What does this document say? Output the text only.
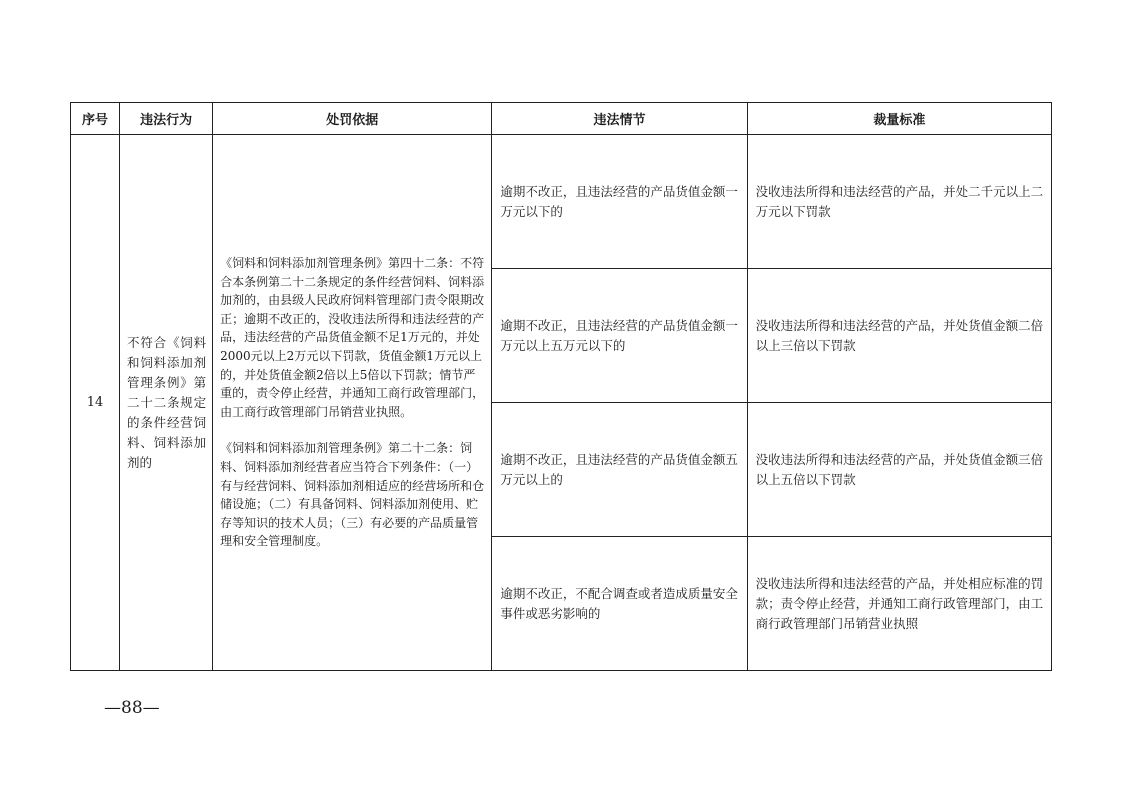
序号	违法行为	处罚依据	违法情节	裁量标准
14	不符合《饲料和饲料添加剂管理条例》第二十二条规定的条件经营饲料、饲料添加剂的	《饲料和饲料添加剂管理条例》第四十二条：不符合本条例第二十二条规定的条件经营饲料、饲料添加剂的，由县级人民政府饲料管理部门责令限期改正；逾期不改正的，没收违法所得和违法经营的产品，违法经营的产品货值金额不足1万元的，并处2000元以上2万元以下罚款，货值金额1万元以上的，并处货值金额2倍以上5倍以下罚款；情节严重的，责令停止经营，并通知工商行政管理部门，由工商行政管理部门吊销营业执照。

《饲料和饲料添加剂管理条例》第二十二条：饲料、饲料添加剂经营者应当符合下列条件：（一）有与经营饲料、饲料添加剂相适应的经营场所和仓储设施；（二）有具备饲料、饲料添加剂使用、贮存等知识的技术人员；（三）有必要的产品质量管理和安全管理制度。	逾期不改正，且违法经营的产品货值金额一万元以下的	没收违法所得和违法经营的产品，并处二千元以上二万元以下罚款
			逾期不改正，且违法经营的产品货值金额一万元以上五万元以下的	没收违法所得和违法经营的产品，并处货值金额二倍以上三倍以下罚款
			逾期不改正，且违法经营的产品货值金额五万元以上的	没收违法所得和违法经营的产品，并处货值金额三倍以上五倍以下罚款
			逾期不改正，不配合调查或者造成质量安全事件或恶劣影响的	没收违法所得和违法经营的产品，并处相应标准的罚款；责令停止经营，并通知工商行政管理部门，由工商行政管理部门吊销营业执照
—88—
